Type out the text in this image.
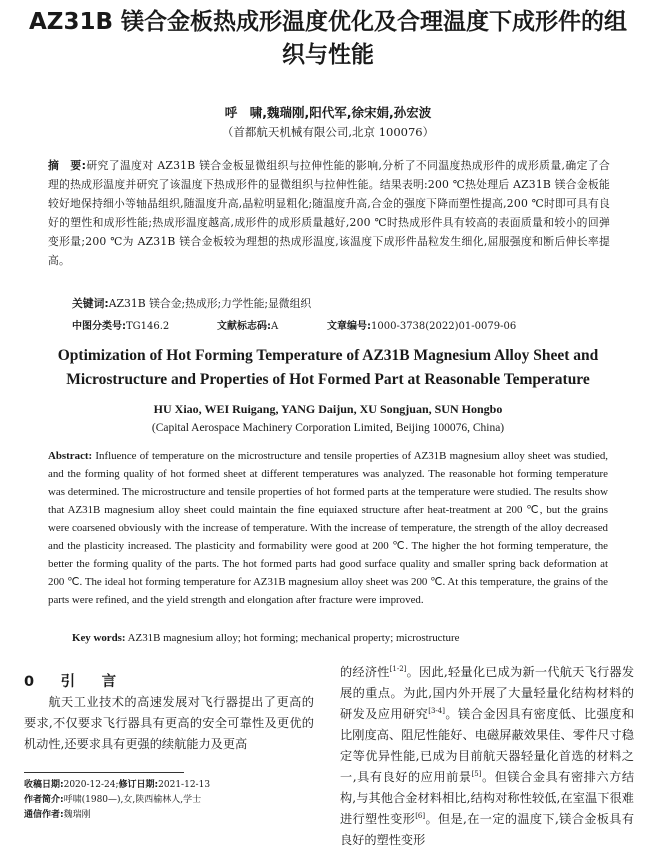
AZ31B 镁合金板热成形温度优化及合理温度下成形件的组织与性能

呼　啸,魏瑞刚,阳代军,徐宋娟,孙宏波

（首都航天机械有限公司,北京 100076）

摘　要:研究了温度对 AZ31B 镁合金板显微组织与拉伸性能的影响,分析了不同温度热成形件的成形质量,确定了合理的热成形温度并研究了该温度下热成形件的显微组织与拉伸性能。结果表明:200 ℃热处理后 AZ31B 镁合金板能较好地保持细小等轴晶组织,随温度升高,晶粒明显粗化;随温度升高,合金的强度下降而塑性提高,200 ℃时即可具有良好的塑性和成形性能;热成形温度越高,成形件的成形质量越好,200 ℃时热成形件具有较高的表面质量和较小的回弹变形量;200 ℃为 AZ31B 镁合金板较为理想的热成形温度,该温度下成形件晶粒发生细化,屈服强度和断后伸长率提高。

关键词:AZ31B 镁合金;热成形;力学性能;显微组织

中图分类号:TG146.2	文献标志码:A	文章编号:1000-3738(2022)01-0079-06
Optimization of Hot Forming Temperature of AZ31B Magnesium Alloy Sheet and Microstructure and Properties of Hot Formed Part at Reasonable Temperature

HU Xiao, WEI Ruigang, YANG Daijun, XU Songjuan, SUN Hongbo

(Capital Aerospace Machinery Corporation Limited, Beijing 100076, China)

Abstract: Influence of temperature on the microstructure and tensile properties of AZ31B magnesium alloy sheet was studied, and the forming quality of hot formed sheet at different temperatures was analyzed. The reasonable hot forming temperature was determined. The microstructure and tensile properties of hot formed parts at the temperature were studied. The results show that AZ31B magnesium alloy sheet could maintain the fine equiaxed structure after heat-treatment at 200 ℃, but the grains were coarsened obviously with the increase of temperature. With the increase of temperature, the strength of the alloy decreased and the plasticity increased. The plasticity and formability were good at 200 ℃. The higher the hot forming temperature, the better the forming quality of the parts. The hot formed parts had good surface quality and smaller spring back deformation at 200 ℃. The ideal hot forming temperature for AZ31B magnesium alloy sheet was 200 ℃. At this temperature, the grains of the parts were refined, and the yield strength and elongation after fracture were improved.

Key words: AZ31B magnesium alloy; hot forming; mechanical property; microstructure

0　引　言

航天工业技术的高速发展对飞行器提出了更高的要求,不仅要求飞行器具有更高的安全可靠性及更优的机动性,还要求具有更强的续航能力及更高

的经济性[1-2]。因此,轻量化已成为新一代航天飞行器发展的重点。为此,国内外开展了大量轻量化结构材料的研发及应用研究[3-4]。镁合金因具有密度低、比强度和比刚度高、阻尼性能好、电磁屏蔽效果佳、零件尺寸稳定等优异性能,已成为目前航天器轻量化首选的材料之一,具有良好的应用前景[5]。但镁合金具有密排六方结构,与其他合金材料相比,结构对称性较低,在室温下很难进行塑性变形[6]。但是,在一定的温度下,镁合金板具有良好的塑性变形

收稿日期:2020-12-24;修订日期:2021-12-13
作者简介:呼啸(1980—),女,陕西榆林人,学士
通信作者:魏瑞刚
